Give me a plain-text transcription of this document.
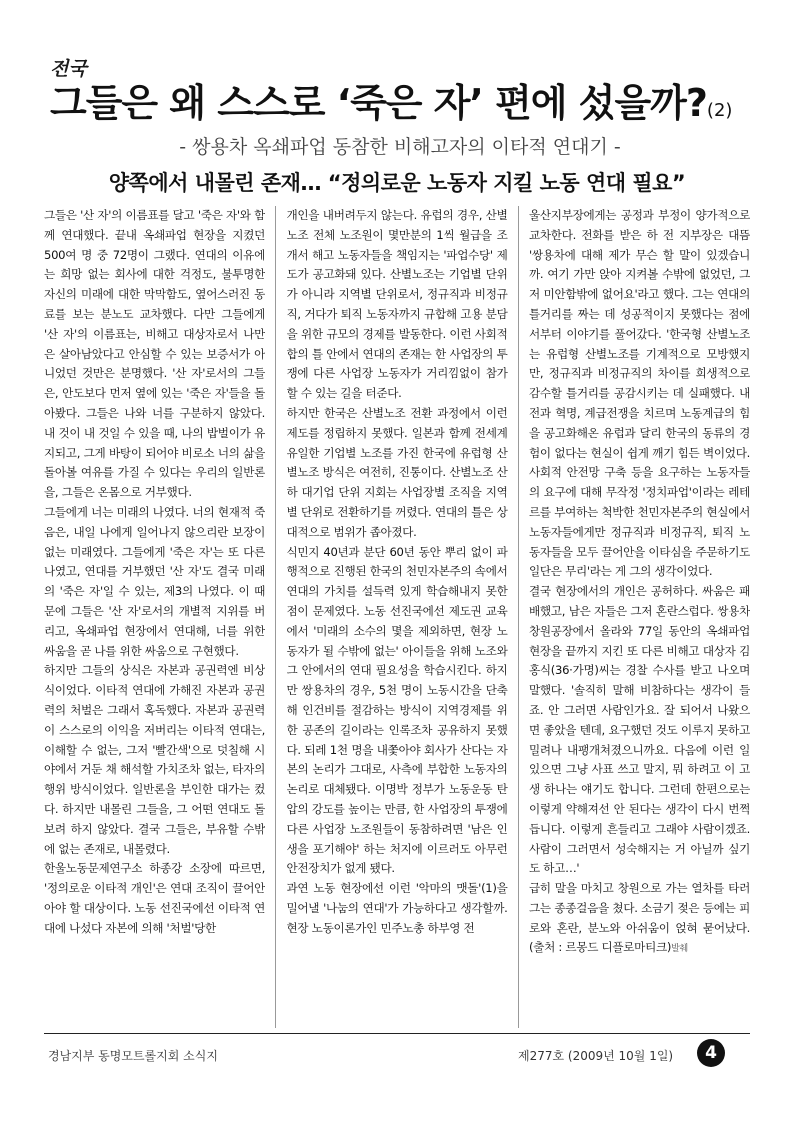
전국
그들은 왜 스스로 ‘죽은 자’ 편에 섰을까?(2)
- 쌍용차 옥쇄파업 동참한 비해고자의 이타적 연대기 -
양쪽에서 내몰린 존재… “정의로운 노동자 지킬 노동 연대 필요”

그들은 '산 자'의 이름표를 달고 '죽은 자'와 함께 연대했다. 끝내 옥쇄파업 현장을 지켰던 500여 명 중 72명이 그랬다. 연대의 이유에는 희망 없는 회사에 대한 걱정도, 불투명한 자신의 미래에 대한 막막함도, 옆어스러진 동료를 보는 분노도 교차했다. 다만 그들에게 '산 자'의 이름표는, 비해고 대상자로서 나만은 살아남았다고 안심할 수 있는 보증서가 아니었던 것만은 분명했다. '산 자'로서의 그들은, 안도보다 먼저 옆에 있는 '죽은 자'들을 돌아봤다. 그들은 나와 너를 구분하지 않았다. 내 것이 내 것일 수 있을 때, 나의 밥벌이가 유지되고, 그게 바탕이 되어야 비로소 너의 삶을 돌아볼 여유를 가질 수 있다는 우리의 일반론을, 그들은 온몸으로 거부했다.

그들에게 너는 미래의 나였다. 너의 현재적 죽음은, 내일 나에게 일어나지 않으리란 보장이 없는 미래였다. 그들에게 '죽은 자'는 또 다른 나였고, 연대를 거부했던 '산 자'도 결국 미래의 '죽은 자'일 수 있는, 제3의 나였다. 이 때문에 그들은 '산 자'로서의 개별적 지위를 버리고, 옥쇄파업 현장에서 연대해, 너를 위한 싸움을 곧 나를 위한 싸움으로 구현했다.

하지만 그들의 상식은 자본과 공권력엔 비상식이었다. 이타적 연대에 가해진 자본과 공권력의 처벌은 그래서 혹독했다. 자본과 공권력이 스스로의 이익을 저버리는 이타적 연대는, 이해할 수 없는, 그저 '빨간색'으로 덧칠해 시야에서 거둔 채 해석할 가치조차 없는, 타자의 행위 방식이었다. 일반론을 부인한 대가는 컸다. 하지만 내몰린 그들을, 그 어떤 연대도 돌보려 하지 않았다. 결국 그들은, 부유할 수밖에 없는 존재로, 내몰렸다.

한울노동문제연구소 하종강 소장에 따르면, '정의로운 이타적 개인'은 연대 조직이 끌어안아야 할 대상이다. 노동 선진국에선 이타적 연대에 나섰다 자본에 의해 '처벌'당한

개인을 내버려두지 않는다. 유럽의 경우, 산별노조 전체 노조원이 몇만분의 1씩 월급을 조개서 해고 노동자들을 책임지는 '파업수당' 제도가 공고화돼 있다. 산별노조는 기업별 단위가 아니라 지역별 단위로서, 정규직과 비정규직, 거다가 퇴직 노동자까지 규합해 고용 분담을 위한 규모의 경제를 발동한다. 이런 사회적 합의 틀 안에서 연대의 존재는 한 사업장의 투쟁에 다른 사업장 노동자가 거리낌없이 참가할 수 있는 길을 터준다.

하지만 한국은 산별노조 전환 과정에서 이런 제도를 정립하지 못했다. 일본과 함께 전세계 유일한 기업별 노조를 가진 한국에 유럽형 산별노조 방식은 여전히, 진통이다. 산별노조 산하 대기업 단위 지회는 사업장별 조직을 지역별 단위로 전환하기를 꺼렸다. 연대의 틀은 상대적으로 범위가 좁아졌다.

식민지 40년과 분단 60년 동안 뿌리 없이 파행적으로 진행된 한국의 천민자본주의 속에서 연대의 가치를 설득력 있게 학습해내지 못한 점이 문제였다. 노동 선진국에선 제도권 교육에서 '미래의 소수의 몇을 제외하면, 현장 노동자가 될 수밖에 없는' 아이들을 위해 노조와 그 안에서의 연대 필요성을 학습시킨다. 하지만 쌍용차의 경우, 5천 명이 노동시간을 단축해 인건비를 절감하는 방식이 지역경제를 위한 공존의 길이라는 인록조차 공유하지 못했다. 되레 1천 명을 내쫓아야 회사가 산다는 자본의 논리가 그대로, 사측에 부합한 노동자의 논리로 대체됐다. 이명박 정부가 노동운동 탄압의 강도를 높이는 만큼, 한 사업장의 투쟁에 다른 사업장 노조원들이 동참하려면 '남은 인생을 포기해야' 하는 처지에 이르러도 아무런 안전장치가 없게 됐다.

과연 노동 현장에선 이런 '악마의 맷돌'(1)을 밀어낼 '나눔의 연대'가 가능하다고 생각할까. 현장 노동이론가인 민주노총 하부영 전

울산지부장에게는 공정과 부정이 양가적으로 교차한다. 전화를 받은 하 전 지부장은 대뜸 '쌍용차에 대해 제가 무슨 할 말이 있겠습니까. 여기 가만 앉아 지켜볼 수밖에 없었던, 그저 미안함밖에 없어요'라고 했다. 그는 연대의 틀거리를 짜는 데 성공적이지 못했다는 점에서부터 이야기를 풀어갔다. '한국형 산별노조는 유럽형 산별노조를 기계적으로 모방했지만, 정규직과 비정규직의 차이를 희생적으로 감수할 틀거리를 공감시키는 데 실패했다. 내전과 혁명, 계급전쟁을 치르며 노동계급의 힘을 공고화해온 유럽과 달리 한국의 동류의 경험이 없다는 현실이 쉽게 깨기 힘든 벽이었다. 사회적 안전망 구축 등을 요구하는 노동자들의 요구에 대해 무작정 '정치파업'이라는 레테르를 부여하는 척박한 천민자본주의 현실에서 노동자들에게만 정규직과 비정규직, 퇴직 노동자들을 모두 끌어안을 이타심을 주문하기도 일단은 무리'라는 게 그의 생각이었다.

결국 현장에서의 개인은 공허하다. 싸움은 패배했고, 남은 자들은 그저 혼란스럽다. 쌍용차 창원공장에서 올라와 77일 동안의 옥쇄파업 현장을 끝까지 지킨 또 다른 비해고 대상자 김홍식(36·가명)씨는 경찰 수사를 받고 나오며 말했다. '솔직히 말해 비참하다는 생각이 들죠. 안 그러면 사람인가요. 잘 되어서 나왔으면 좋았을 텐데, 요구했던 것도 이루지 못하고 밀려나 내팽개쳐졌으니까요. 다음에 이런 일 있으면 그냥 사표 쓰고 말지, 뭐 하려고 이 고생 하나는 얘기도 합니다. 그런데 한편으로는 이렇게 약해져선 안 된다는 생각이 다시 번쩍 듭니다. 이렇게 흔들리고 그래야 사람이겠죠. 사람이 그러면서 성숙해지는 거 아닐까 싶기도 하고…'

급히 말을 마치고 창원으로 가는 열차를 타러 그는 종종걸음을 쳤다. 소금기 젖은 등에는 피로와 혼란, 분노와 아쉬움이 얹혀 묻어났다.(출처 : 르몽드 디플로마티크)발췌

경남지부 동명모트롤지회 소식지	제277호 (2009년 10월 1일)	4
